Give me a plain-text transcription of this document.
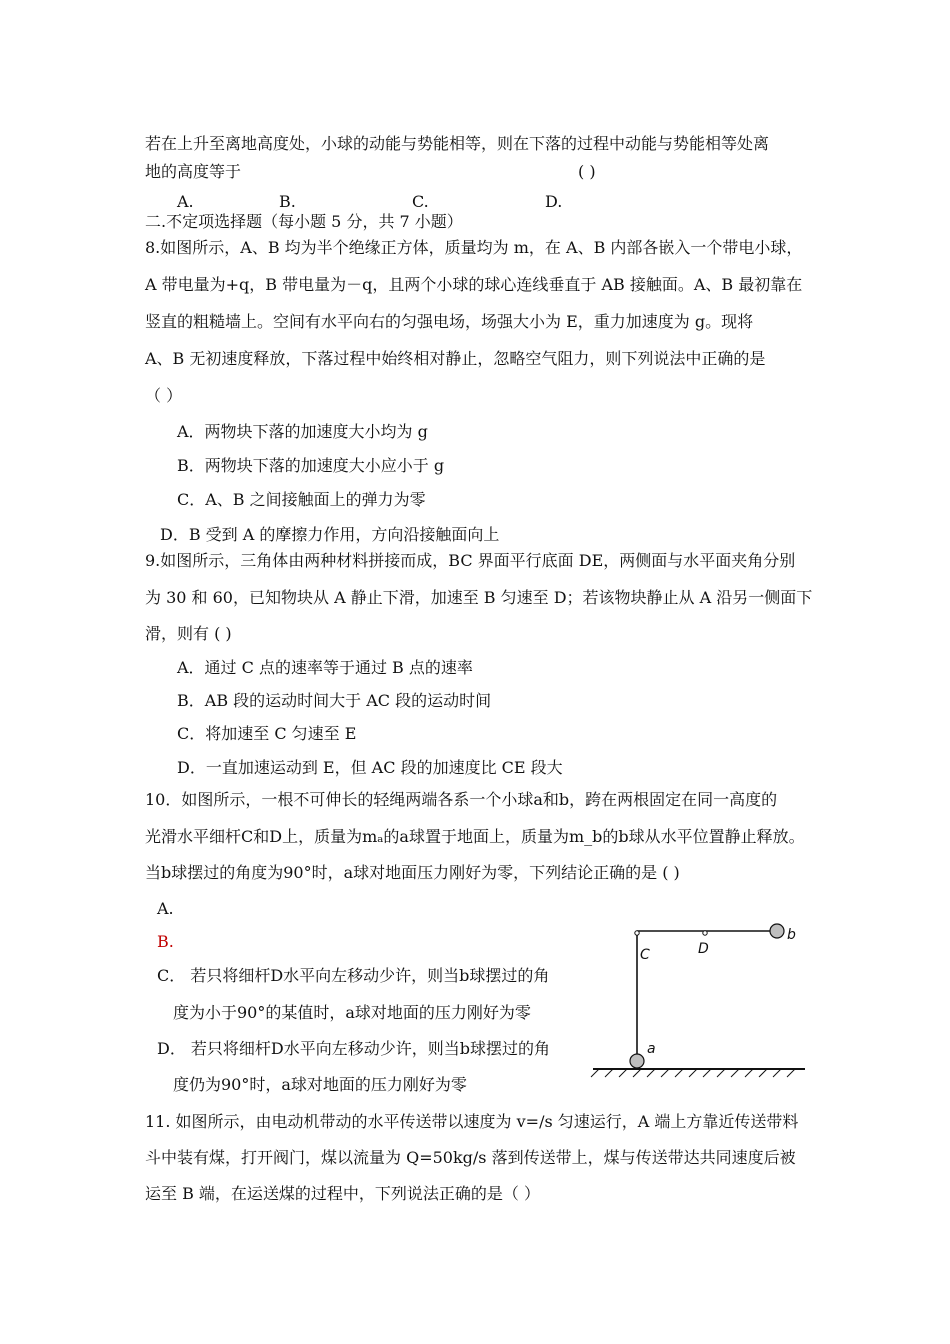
若在上升至离地高度处，小球的动能与势能相等，则在下落的过程中动能与势能相等处离
地的高度等于	( )
A.	B.	C.	D.
二.不定项选择题（每小题 5 分，共 7 小题）
8.如图所示，A、B 均为半个绝缘正方体，质量均为 m，在 A、B 内部各嵌入一个带电小球，
A 带电量为+q，B 带电量为－q，且两个小球的球心连线垂直于 AB 接触面。A、B 最初靠在
竖直的粗糙墙上。空间有水平向右的匀强电场，场强大小为 E，重力加速度为 g。现将
A、B 无初速度释放，下落过程中始终相对静止，忽略空气阻力，则下列说法中正确的是
（ ）
A．两物块下落的加速度大小均为 g
B．两物块下落的加速度大小应小于 g
C．A、B 之间接触面上的弹力为零
D．B 受到 A 的摩擦力作用，方向沿接触面向上
9.如图所示，三角体由两种材料拼接而成，BC 界面平行底面 DE，两侧面与水平面夹角分别
为 30 和 60，已知物块从 A 静止下滑，加速至 B 匀速至 D；若该物块静止从 A 沿另一侧面下
滑，则有 ( )
A．通过 C 点的速率等于通过 B 点的速率
B．AB 段的运动时间大于 AC 段的运动时间
C．将加速至 C 匀速至 E
D．一直加速运动到 E，但 AC 段的加速度比 CE 段大
10．如图所示，一根不可伸长的轻绳两端各系一个小球a和b，跨在两根固定在同一高度的
光滑水平细杆C和D上，质量为mₐ的a球置于地面上，质量为m_b的b球从水平位置静止释放。
当b球摆过的角度为90°时，a球对地面压力刚好为零，下列结论正确的是 ( )
A.
B.
C． 若只将细杆D水平向左移动少许，则当b球摆过的角
度为小于90°的某值时，a球对地面的压力刚好为零
D． 若只将细杆D水平向左移动少许，则当b球摆过的角
度仍为90°时，a球对地面的压力刚好为零
b
C	D
a
11. 如图所示，由电动机带动的水平传送带以速度为 v=/s 匀速运行，A 端上方靠近传送带料
斗中装有煤，打开阀门，煤以流量为 Q=50kg/s 落到传送带上，煤与传送带达共同速度后被
运至 B 端，在运送煤的过程中，下列说法正确的是（ ）
